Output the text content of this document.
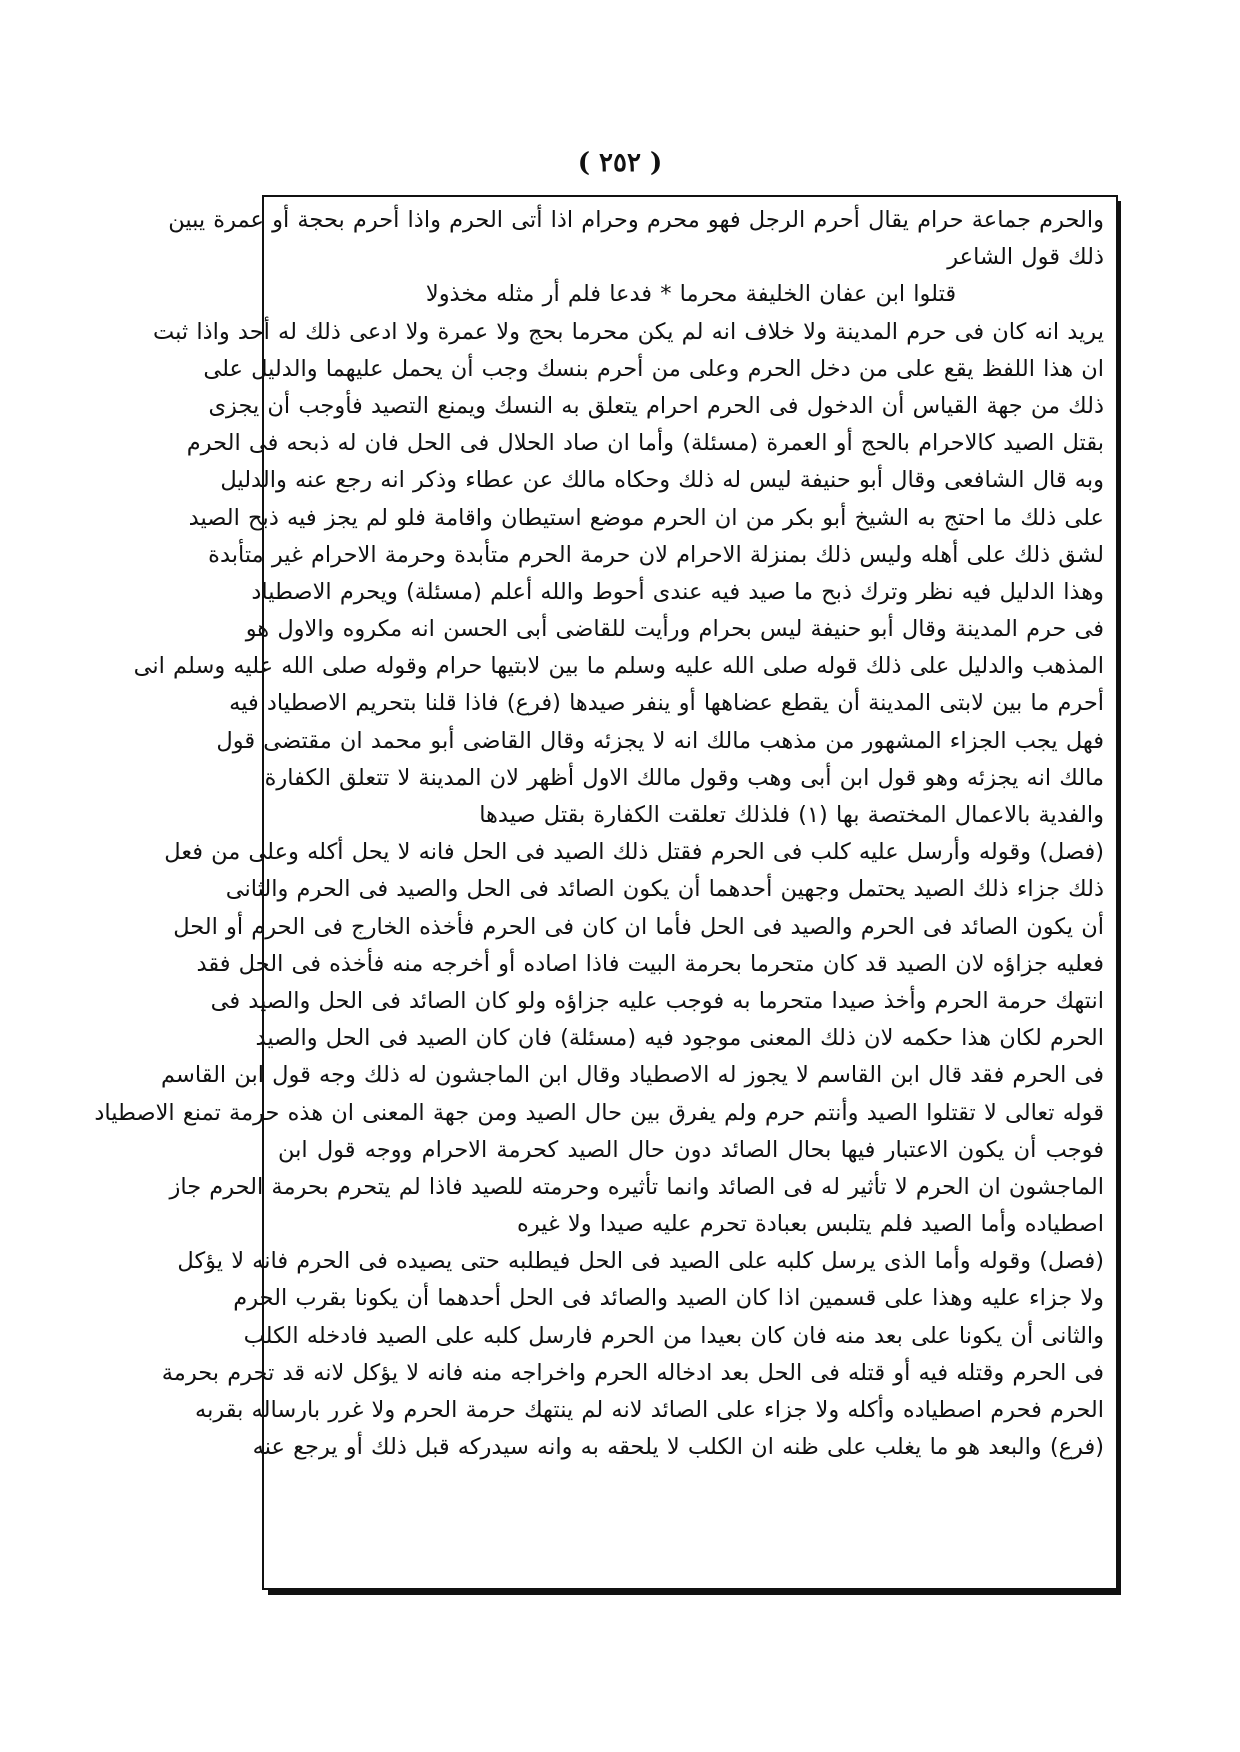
( ٢٥٢ )
والحرم جماعة حرام يقال أحرم الرجل فهو محرم وحرام اذا أتى الحرم واذا أحرم بحجة أو عمرة يبين
ذلك قول الشاعر
قتلوا ابن عفان الخليفة محرما * فدعا فلم أر مثله مخذولا
يريد انه كان فى حرم المدينة ولا خلاف انه لم يكن محرما بحج ولا عمرة ولا ادعى ذلك له أحد واذا ثبت
ان هذا اللفظ يقع على من دخل الحرم وعلى من أحرم بنسك وجب أن يحمل عليهما والدليل على
ذلك من جهة القياس أن الدخول فى الحرم احرام يتعلق به النسك ويمنع التصيد فأوجب أن يجزى
بقتل الصيد كالاحرام بالحج أو العمرة (مسئلة) وأما ان صاد الحلال فى الحل فان له ذبحه فى الحرم
وبه قال الشافعى وقال أبو حنيفة ليس له ذلك وحكاه مالك عن عطاء وذكر انه رجع عنه والدليل
على ذلك ما احتج به الشيخ أبو بكر من ان الحرم موضع استيطان واقامة فلو لم يجز فيه ذبح الصيد
لشق ذلك على أهله وليس ذلك بمنزلة الاحرام لان حرمة الحرم متأبدة وحرمة الاحرام غير متأبدة
وهذا الدليل فيه نظر وترك ذبح ما صيد فيه عندى أحوط والله أعلم (مسئلة) ويحرم الاصطياد
فى حرم المدينة وقال أبو حنيفة ليس بحرام ورأيت للقاضى أبى الحسن انه مكروه والاول هو
المذهب والدليل على ذلك قوله صلى الله عليه وسلم ما بين لابتيها حرام وقوله صلى الله عليه وسلم انى
أحرم ما بين لابتى المدينة أن يقطع عضاهها أو ينفر صيدها (فرع) فاذا قلنا بتحريم الاصطياد فيه
فهل يجب الجزاء المشهور من مذهب مالك انه لا يجزئه وقال القاضى أبو محمد ان مقتضى قول
مالك انه يجزئه وهو قول ابن أبى وهب وقول مالك الاول أظهر لان المدينة لا تتعلق الكفارة
والفدية بالاعمال المختصة بها (١) فلذلك تعلقت الكفارة بقتل صيدها
(فصل) وقوله وأرسل عليه كلب فى الحرم فقتل ذلك الصيد فى الحل فانه لا يحل أكله وعلى من فعل
ذلك جزاء ذلك الصيد يحتمل وجهين أحدهما أن يكون الصائد فى الحل والصيد فى الحرم والثانى
أن يكون الصائد فى الحرم والصيد فى الحل فأما ان كان فى الحرم فأخذه الخارج فى الحرم أو الحل
فعليه جزاؤه لان الصيد قد كان متحرما بحرمة البيت فاذا اصاده أو أخرجه منه فأخذه فى الحل فقد
انتهك حرمة الحرم وأخذ صيدا متحرما به فوجب عليه جزاؤه ولو كان الصائد فى الحل والصيد فى
الحرم لكان هذا حكمه لان ذلك المعنى موجود فيه (مسئلة) فان كان الصيد فى الحل والصيد
فى الحرم فقد قال ابن القاسم لا يجوز له الاصطياد وقال ابن الماجشون له ذلك وجه قول ابن القاسم
قوله تعالى لا تقتلوا الصيد وأنتم حرم ولم يفرق بين حال الصيد ومن جهة المعنى ان هذه حرمة تمنع الاصطياد
فوجب أن يكون الاعتبار فيها بحال الصائد دون حال الصيد كحرمة الاحرام ووجه قول ابن
الماجشون ان الحرم لا تأثير له فى الصائد وانما تأثيره وحرمته للصيد فاذا لم يتحرم بحرمة الحرم جاز
اصطياده وأما الصيد فلم يتلبس بعبادة تحرم عليه صيدا ولا غيره
(فصل) وقوله وأما الذى يرسل كلبه على الصيد فى الحل فيطلبه حتى يصيده فى الحرم فانه لا يؤكل
ولا جزاء عليه وهذا على قسمين اذا كان الصيد والصائد فى الحل أحدهما أن يكونا بقرب الحرم
والثانى أن يكونا على بعد منه فان كان بعيدا من الحرم فارسل كلبه على الصيد فادخله الكلب
فى الحرم وقتله فيه أو قتله فى الحل بعد ادخاله الحرم واخراجه منه فانه لا يؤكل لانه قد تحرم بحرمة
الحرم فحرم اصطياده وأكله ولا جزاء على الصائد لانه لم ينتهك حرمة الحرم ولا غرر بارساله بقربه
(فرع) والبعد هو ما يغلب على ظنه ان الكلب لا يلحقه به وانه سيدركه قبل ذلك أو يرجع عنه
